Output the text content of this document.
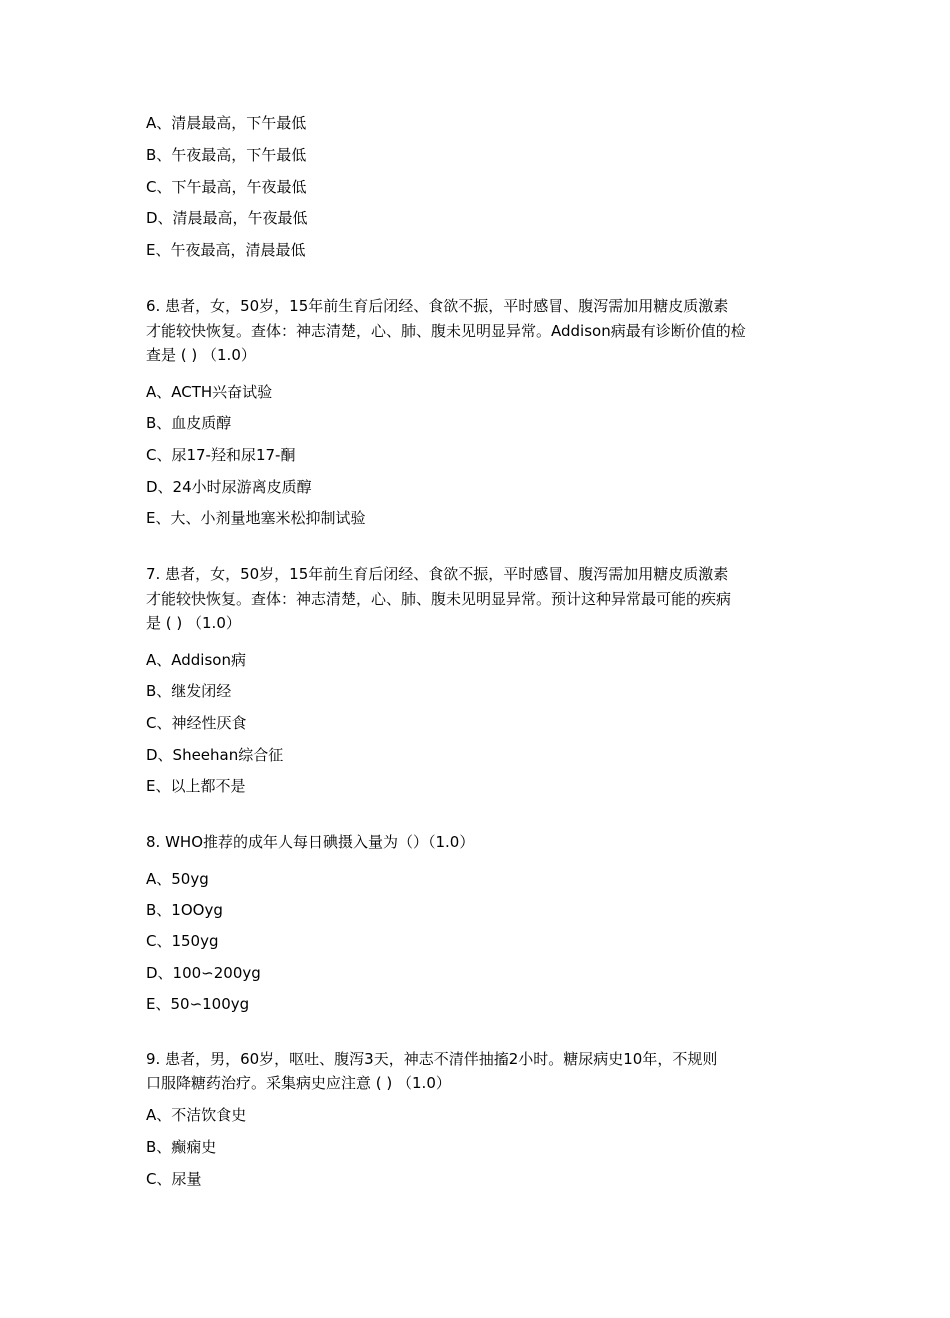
A、清晨最高，下午最低
B、午夜最高，下午最低
C、下午最高，午夜最低
D、清晨最高，午夜最低
E、午夜最高，清晨最低
6. 患者，女，50岁，15年前生育后闭经、食欲不振，平时感冒、腹泻需加用糖皮质激素
才能较快恢复。查体：神志清楚，心、肺、腹未见明显异常。Addison病最有诊断价值的检
查是 ( ) （1.0）
A、ACTH兴奋试验
B、血皮质醇
C、尿17-羟和尿17-酮
D、24小时尿游离皮质醇
E、大、小剂量地塞米松抑制试验
7. 患者，女，50岁，15年前生育后闭经、食欲不振，平时感冒、腹泻需加用糖皮质激素
才能较快恢复。查体：神志清楚，心、肺、腹未见明显异常。预计这种异常最可能的疾病
是 ( ) （1.0）
A、Addison病
B、继发闭经
C、神经性厌食
D、Sheehan综合征
E、以上都不是
8. WHO推荐的成年人每日碘摄入量为（）（1.0）
A、50yg
B、1OOyg
C、150yg
D、100∽200yg
E、50∽100yg
9. 患者，男，60岁，呕吐、腹泻3天，神志不清伴抽搐2小时。糖尿病史10年，不规则
口服降糖药治疗。采集病史应注意 ( ) （1.0）
A、不洁饮食史
B、癫痫史
C、尿量
